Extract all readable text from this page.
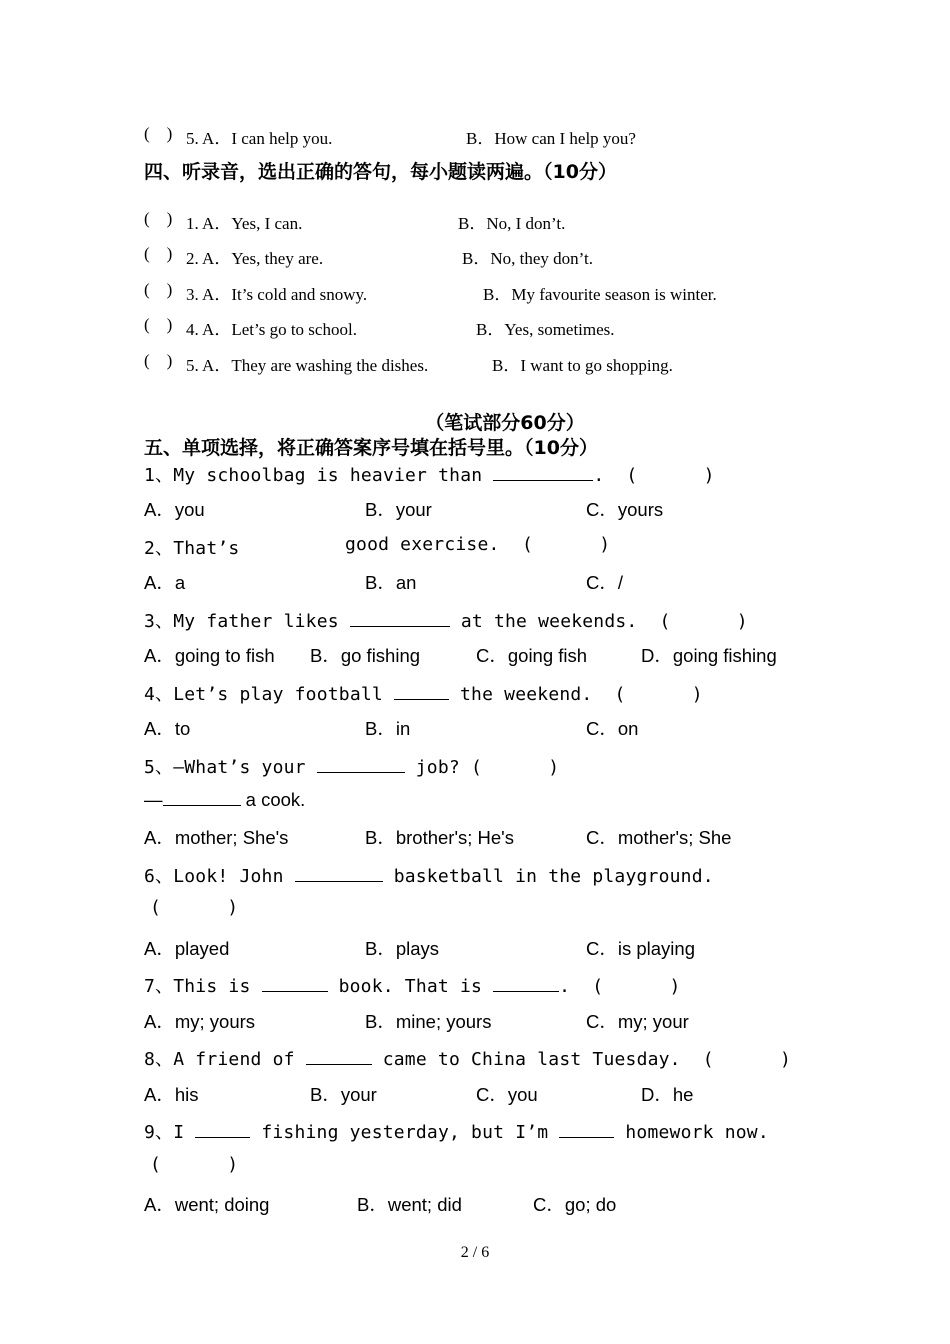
(    ) 5. A．I can help you.	B．How can I help you?
四、听录音，选出正确的答句，每小题读两遍。（10分）
(    ) 1. A．Yes, I can.	B．No, I don’t.
(    ) 2. A．Yes, they are.	B．No, they don’t.
(    ) 3. A．It’s cold and snowy.	B．My favourite season is winter.
(    ) 4. A．Let’s go to school.	B．Yes, sometimes.
(    ) 5. A．They are washing the dishes.	B．I want to go shopping.
（笔试部分60分）
五、单项选择，将正确答案序号填在括号里。（10分）
1、My schoolbag is heavier than	.  (      )
A．you	B．your	C．yours
2、That’s	good exercise. (      )
A．a	B．an	C．/
3、My father likes	at the weekends.  (      )
A．going to fish B．go fishing	C．going fish	D．going fishing
4、Let’s play football	the weekend.  (      )
A．to	B．in	C．on
5、—What’s your	job? (      )
—	a cook.
A．mother; She's	B．brother's; He's	C．mother's; She
6、Look! John	basketball in the playground.
(      )
A．played	B．plays	C．is playing
7、This is	book. That is	.  (      )
A．my; yours	B．mine; yours	C．my; your
8、A friend of	came to China last Tuesday.  (      )
A．his	B．your	C．you	D．he
9、I	fishing yesterday, but I’m	homework now.
(      )
A．went; doing	B．went; did	C．go; do
2 / 6
